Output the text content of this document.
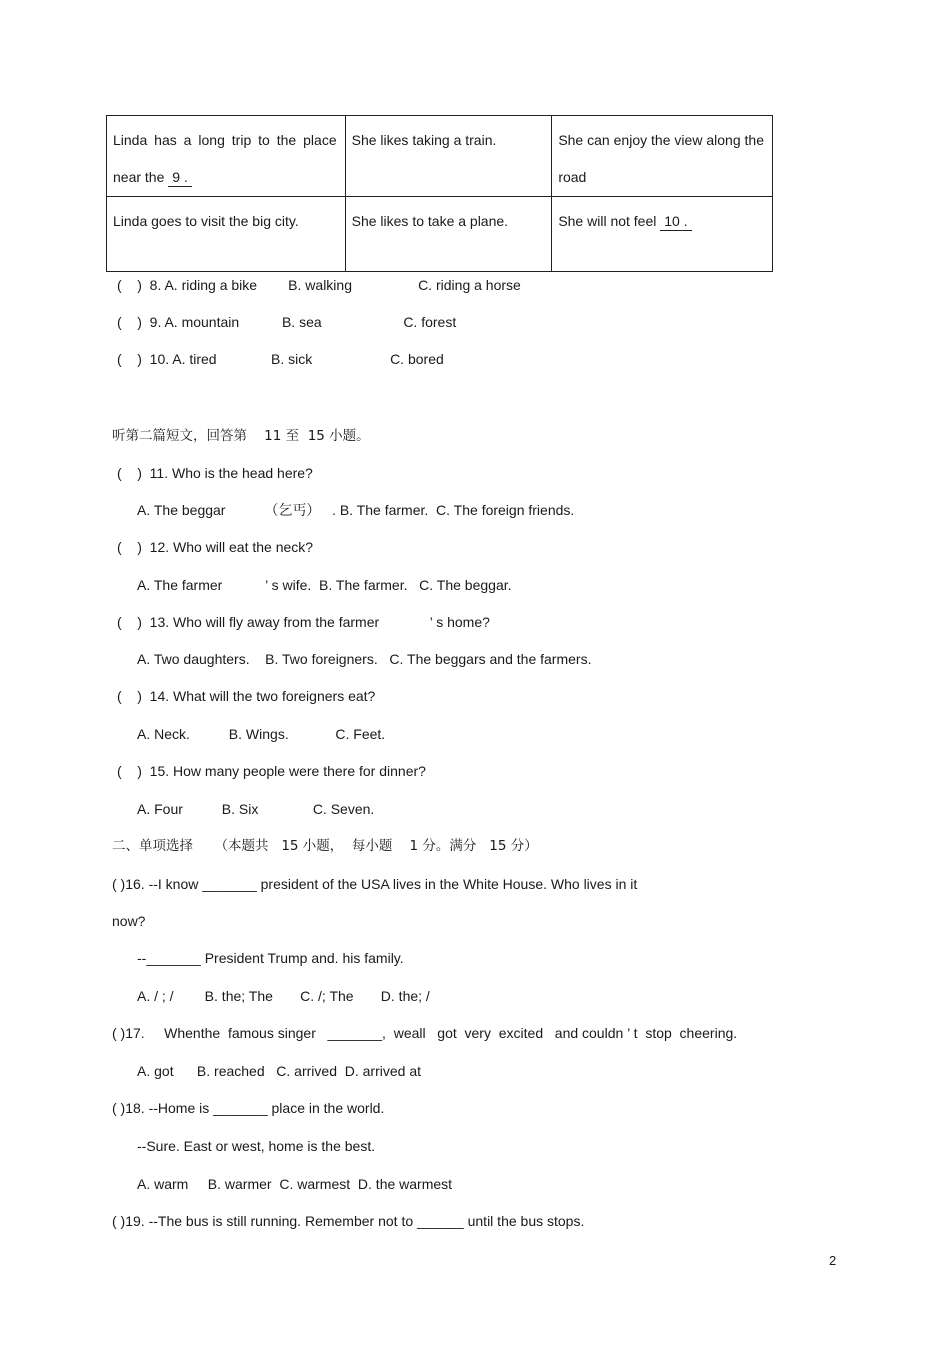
Linda has a long trip to the place near the 9 .	She likes taking a train.	She can enjoy the view along the road
Linda goes to visit the big city.	She likes to take a plane.	She will not feel 10 .
(    )  8. A. riding a bike        B. walking                 C. riding a horse
(    )  9. A. mountain           B. sea                     C. forest
(    )  10. A. tired              B. sick                    C. bored
听第二篇短文，回答第    11 至  15 小题。
(    )  11. Who is the head here?
A. The beggar          （乞丐）   . B. The farmer.  C. The foreign friends.
(    )  12. Who will eat the neck?
A. The farmer           ’ s wife.  B. The farmer.   C. The beggar.
(    )  13. Who will fly away from the farmer             ’ s home?
A. Two daughters.    B. Two foreigners.   C. The beggars and the farmers.
(    )  14. What will the two foreigners eat?
A. Neck.          B. Wings.            C. Feet.
(    )  15. How many people were there for dinner?
A. Four          B. Six              C. Seven.
二、单项选择     （本题共   15 小题，  每小题    1 分。满分   15 分）
( )16. --I know _______ president of the USA lives in the White House. Who lives in it
now?
--_______ President Trump and. his family.
A. / ; /        B. the; The       C. /; The       D. the; /
( )17.     Whenthe  famous singer   _______,  weall   got  very  excited   and couldn ’ t  stop  cheering.
A. got      B. reached   C. arrived  D. arrived at
( )18. --Home is _______ place in the world.
--Sure. East or west, home is the best.
A. warm     B. warmer  C. warmest  D. the warmest
( )19. --The bus is still running. Remember not to ______ until the bus stops.
2
